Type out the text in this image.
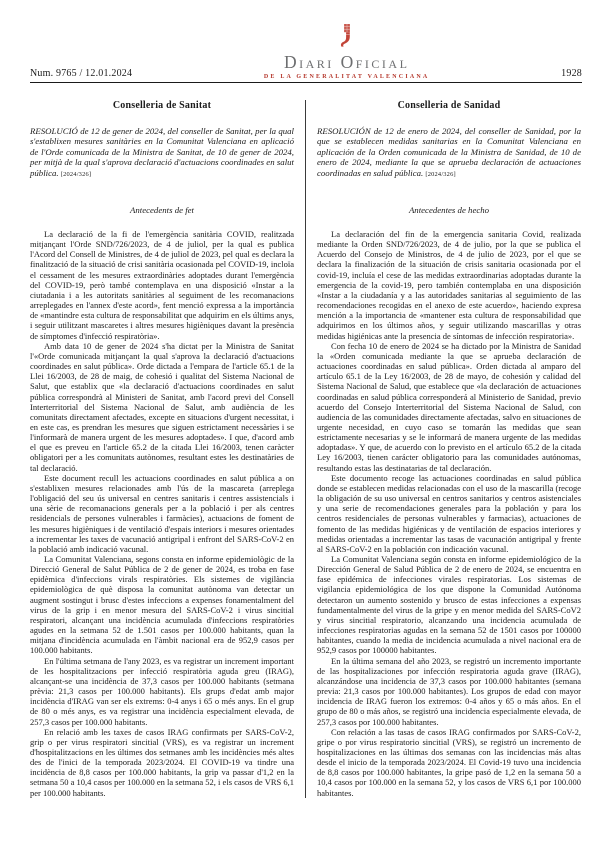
Num. 9765 / 12.01.2024
Diari Oficial
DE LA GENERALITAT VALENCIANA	1928
Conselleria de Sanitat
RESOLUCIÓ de 12 de gener de 2024, del conseller de Sanitat, per la qual s'establixen mesures sanitàries en la Comunitat Valenciana en aplicació de l'Orde comunicada de la Ministra de Sanitat, de 10 de gener de 2024, per mitjà de la qual s'aprova declaració d'actuacions coordinades en salut pública. [2024/326]
Antecedents de fet

La declaració de la fi de l'emergència sanitària COVID, realitzada mitjançant l'Orde SND/726/2023, de 4 de juliol, per la qual es publica l'Acord del Consell de Ministres, de 4 de juliol de 2023, pel qual es declara la finalització de la situació de crisi sanitària ocasionada pel COVID-19, incloïa el cessament de les mesures extraordinàries adoptades durant l'emergència del COVID-19, però també contemplava en una disposició «Instar a la ciutadania i a les autoritats sanitàries al seguiment de les recomanacions arreplegades en l'annex d'este acord», fent menció expressa a la importància de «mantindre esta cultura de responsabilitat que adquirim en els últims anys, i seguir utilitzant mascaretes i altres mesures higièniques davant la presència de símptomes d'infecció respiratòria».

Amb data 10 de gener de 2024 s'ha dictat per la Ministra de Sanitat l'«Orde comunicada mitjançant la qual s'aprova la declaració d'actuacions coordinades en salut pública». Orde dictada a l'empara de l'article 65.1 de la Llei 16/2003, de 28 de maig, de cohesió i qualitat del Sistema Nacional de Salut, que establix que «la declaració d'actuacions coordinades en salut pública correspondrà al Ministeri de Sanitat, amb l'acord previ del Consell Interterritorial del Sistema Nacional de Salut, amb audiència de les comunitats directament afectades, excepte en situacions d'urgent necessitat, i en este cas, es prendran les mesures que siguen estrictament necessàries i se l'informarà de manera urgent de les mesures adoptades». I que, d'acord amb el que es preveu en l'article 65.2 de la citada Llei 16/2003, tenen caràcter obligatori per a les comunitats autònomes, resultant estes les destinatàries de tal declaració.

Este document recull les actuacions coordinades en salut pública a on s'establixen mesures relacionades amb l'ús de la mascareta (arreplega l'obligació del seu ús universal en centres sanitaris i centres assistencials i una sèrie de recomanacions generals per a la població i per als centres residencials de persones vulnerables i farmàcies), actuacions de foment de les mesures higièniques i de ventilació d'espais interiors i mesures orientades a incrementar les taxes de vacunació antigripal i enfront del SARS-CoV-2 en la població amb indicació vacunal.

La Comunitat Valenciana, segons consta en informe epidemiològic de la Direcció General de Salut Pública de 2 de gener de 2024, es troba en fase epidèmica d'infeccions virals respiratòries. Els sistemes de vigilància epidemiològica de què disposa la comunitat autònoma van detectar un augment sostingut i brusc d'estes infeccions a expenses fonamentalment del virus de la grip i en menor mesura del SARS-CoV-2 i virus sincitial respiratori, alcançant una incidència acumulada d'infeccions respiratòries agudes en la setmana 52 de 1.501 casos per 100.000 habitants, quan la mitjana d'incidència acumulada en l'àmbit nacional era de 952,9 casos per 100.000 habitants.

En l'última setmana de l'any 2023, es va registrar un increment important de les hospitalitzacions per infecció respiratòria aguda greu (IRAG), alcançant-se una incidència de 37,3 casos per 100.000 habitants (setmana prèvia: 21,3 casos per 100.000 habitants). Els grups d'edat amb major incidència d'IRAG van ser els extrems: 0-4 anys i 65 o més anys. En el grup de 80 o més anys, es va registrar una incidència especialment elevada, de 257,3 casos per 100.000 habitants.

En relació amb les taxes de casos IRAG confirmats per SARS-CoV-2, grip o per virus respiratori sincitial (VRS), es va registrar un increment d'hospitalitzacions en les últimes dos setmanes amb les incidències més altes des de l'inici de la temporada 2023/2024. El COVID-19 va tindre una incidència de 8,8 casos per 100.000 habitants, la grip va passar d'1,2 en la setmana 50 a 10,4 casos per 100.000 en la setmana 52, i els casos de VRS 6,1 per 100.000 habitants.

Conselleria de Sanidad
RESOLUCIÓN de 12 de enero de 2024, del conseller de Sanidad, por la que se establecen medidas sanitarias en la Comunitat Valenciana en aplicación de la Orden comunicada de la Ministra de Sanidad, de 10 de enero de 2024, mediante la que se aprueba declaración de actuaciones coordinadas en salud pública. [2024/326]
Antecedentes de hecho

La declaración del fin de la emergencia sanitaria Covid, realizada mediante la Orden SND/726/2023, de 4 de julio, por la que se publica el Acuerdo del Consejo de Ministros, de 4 de julio de 2023, por el que se declara la finalización de la situación de crisis sanitaria ocasionada por el covid-19, incluía el cese de las medidas extraordinarias adoptadas durante la emergencia de la covid-19, pero también contemplaba en una disposición «Instar a la ciudadanía y a las autoridades sanitarias al seguimiento de las recomendaciones recogidas en el anexo de este acuerdo», haciendo expresa mención a la importancia de «mantener esta cultura de responsabilidad que adquirimos en los últimos años, y seguir utilizando mascarillas y otras medidas higiénicas ante la presencia de síntomas de infección respiratoria».

Con fecha 10 de enero de 2024 se ha dictado por la Ministra de Sanidad la «Orden comunicada mediante la que se aprueba declaración de actuaciones coordinadas en salud pública». Orden dictada al amparo del artículo 65.1 de la Ley 16/2003, de 28 de mayo, de cohesión y calidad del Sistema Nacional de Salud, que establece que «la declaración de actuaciones coordinadas en salud pública corresponderá al Ministerio de Sanidad, previo acuerdo del Consejo Interterritorial del Sistema Nacional de Salud, con audiencia de las comunidades directamente afectadas, salvo en situaciones de urgente necesidad, en cuyo caso se tomarán las medidas que sean estrictamente necesarias y se le informará de manera urgente de las medidas adoptadas». Y que, de acuerdo con lo previsto en el artículo 65.2 de la citada Ley 16/2003, tienen carácter obligatorio para las comunidades autónomas, resultando estas las destinatarias de tal declaración.

Este documento recoge las actuaciones coordinadas en salud pública donde se establecen medidas relacionadas con el uso de la mascarilla (recoge la obligación de su uso universal en centros sanitarios y centros asistenciales y una serie de recomendaciones generales para la población y para los centros residenciales de personas vulnerables y farmacias), actuaciones de fomento de las medidas higiénicas y de ventilación de espacios interiores y medidas orientadas a incrementar las tasas de vacunación antigripal y frente al SARS-CoV-2 en la población con indicación vacunal.

La Comunitat Valenciana según consta en informe epidemiológico de la Dirección General de Salud Pública de 2 de enero de 2024, se encuentra en fase epidémica de infecciones virales respiratorias. Los sistemas de vigilancia epidemiológica de los que dispone la Comunidad Autónoma detectaron un aumento sostenido y brusco de estas infecciones a expensas fundamentalmente del virus de la gripe y en menor medida del SARS-CoV2 y virus sincitial respiratorio, alcanzando una incidencia acumulada de infecciones respiratorias agudas en la semana 52 de 1501 casos por 100000 habitantes, cuando la media de incidencia acumulada a nivel nacional era de 952,9 casos por 100000 habitantes.

En la última semana del año 2023, se registró un incremento importante de las hospitalizaciones por infección respiratoria aguda grave (IRAG), alcanzándose una incidencia de 37,3 casos por 100.000 habitantes (semana previa: 21,3 casos por 100.000 habitantes). Los grupos de edad con mayor incidencia de IRAG fueron los extremos: 0-4 años y 65 o más años. En el grupo de 80 o más años, se registró una incidencia especialmente elevada, de 257,3 casos por 100.000 habitantes.

Con relación a las tasas de casos IRAG confirmados por SARS-CoV-2, gripe o por virus respiratorio sincitial (VRS), se registró un incremento de hospitalizaciones en las últimas dos semanas con las incidencias más altas desde el inicio de la temporada 2023/2024. El Covid-19 tuvo una incidencia de 8,8 casos por 100.000 habitantes, la gripe pasó de 1,2 en la semana 50 a 10,4 casos por 100.000 en la semana 52, y los casos de VRS 6,1 por 100.000 habitantes.
